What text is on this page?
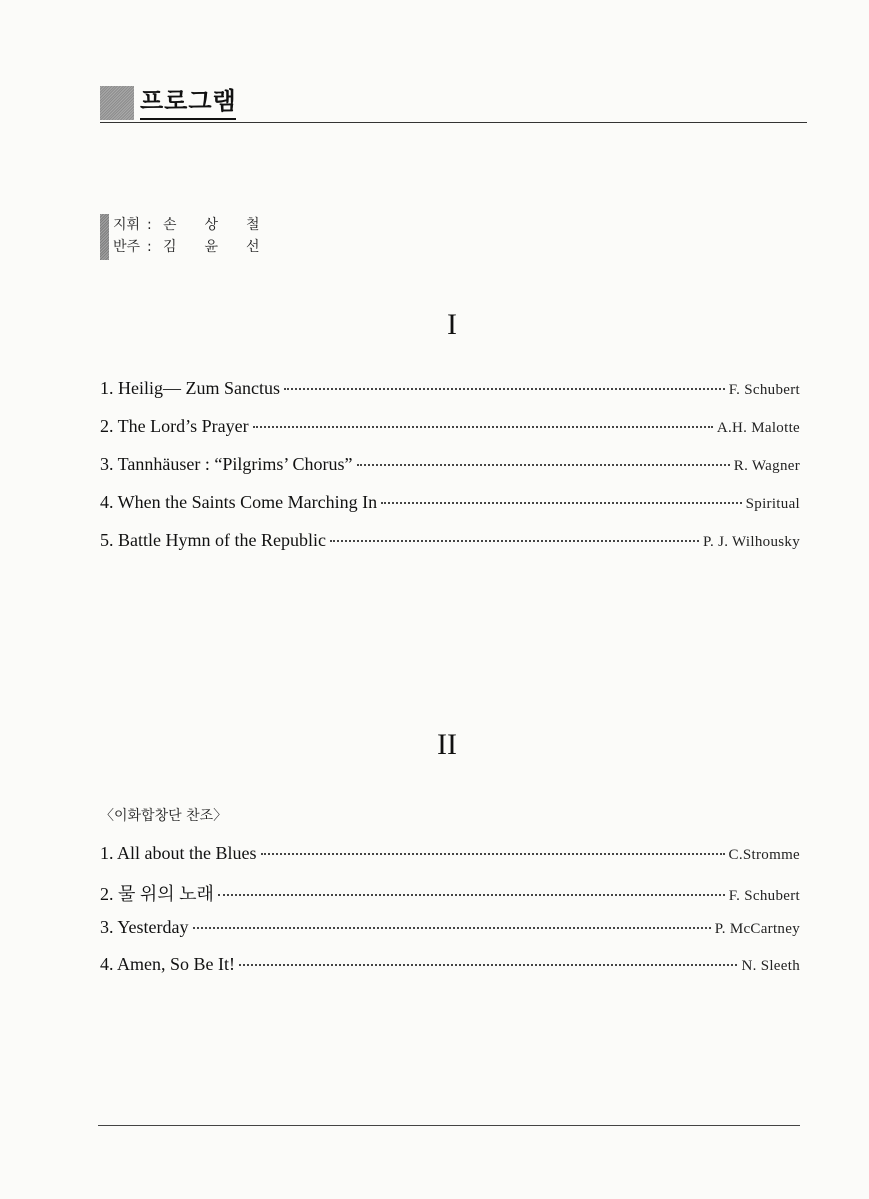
프로그램
지휘 : 손상철
반주 : 김윤선
I
1. Heilig— Zum Sanctus	F. Schubert
2. The Lord’s Prayer	A.H. Malotte
3. Tannhäuser : “Pilgrims’ Chorus”	R. Wagner
4. When the Saints Come Marching In	Spiritual
5. Battle Hymn of the Republic	P. J. Wilhousky
II
〈이화합창단 찬조〉
1. All about the Blues	C.Stromme
2. 물 위의 노래	F. Schubert
3. Yesterday	P. McCartney
4. Amen, So Be It!	N. Sleeth
